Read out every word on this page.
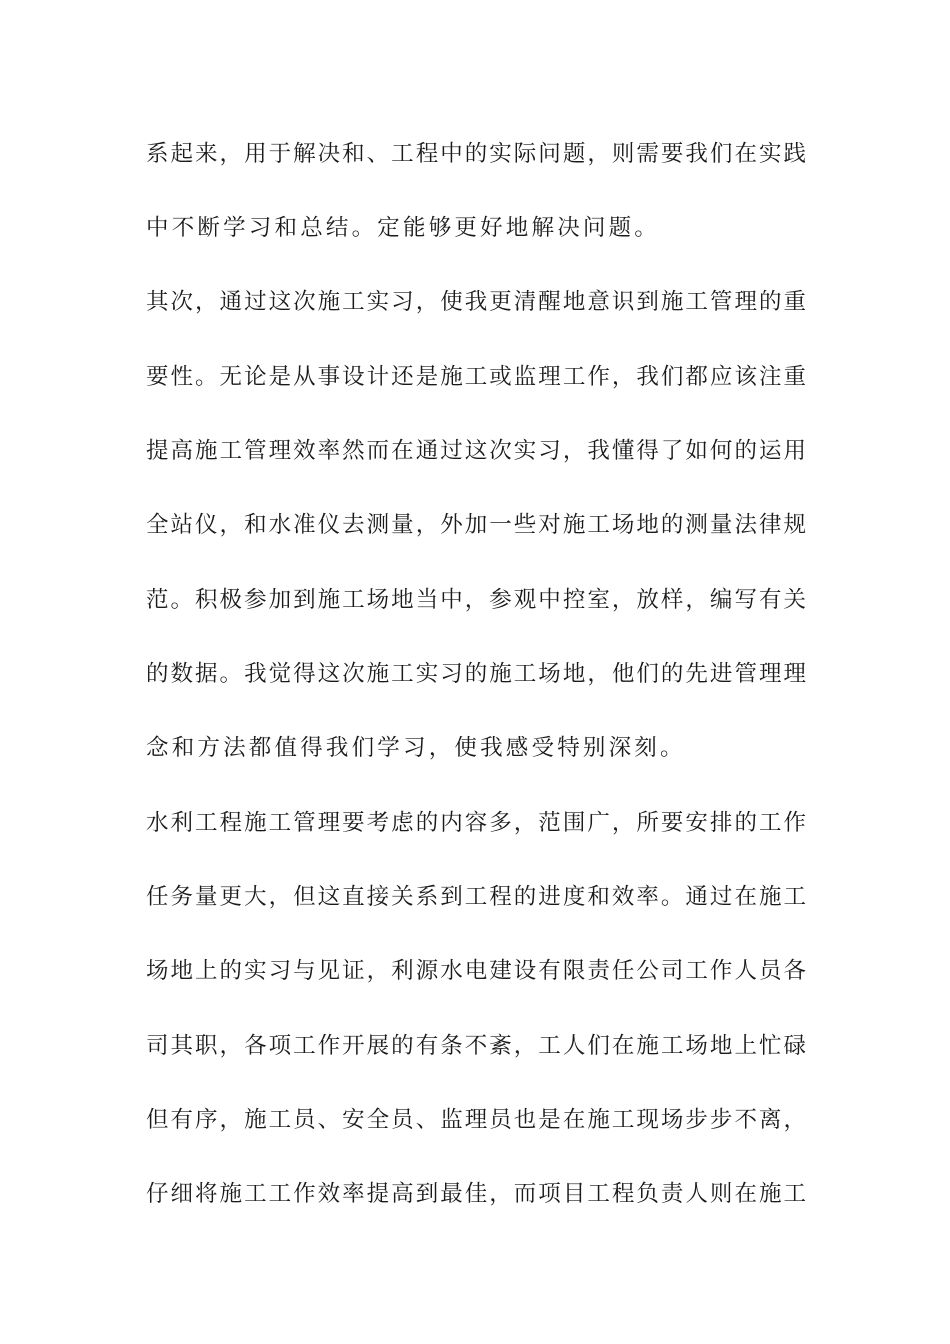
系起来，用于解决和、工程中的实际问题，则需要我们在实践
中不断学习和总结。定能够更好地解决问题。
其次，通过这次施工实习，使我更清醒地意识到施工管理的重
要性。无论是从事设计还是施工或监理工作，我们都应该注重
提高施工管理效率然而在通过这次实习，我懂得了如何的运用
全站仪，和水准仪去测量，外加一些对施工场地的测量法律规
范。积极参加到施工场地当中，参观中控室，放样，编写有关
的数据。我觉得这次施工实习的施工场地，他们的先进管理理
念和方法都值得我们学习，使我感受特别深刻。
水利工程施工管理要考虑的内容多，范围广，所要安排的工作
任务量更大，但这直接关系到工程的进度和效率。通过在施工
场地上的实习与见证，利源水电建设有限责任公司工作人员各
司其职，各项工作开展的有条不紊，工人们在施工场地上忙碌
但有序，施工员、安全员、监理员也是在施工现场步步不离，
仔细将施工工作效率提高到最佳，而项目工程负责人则在施工
